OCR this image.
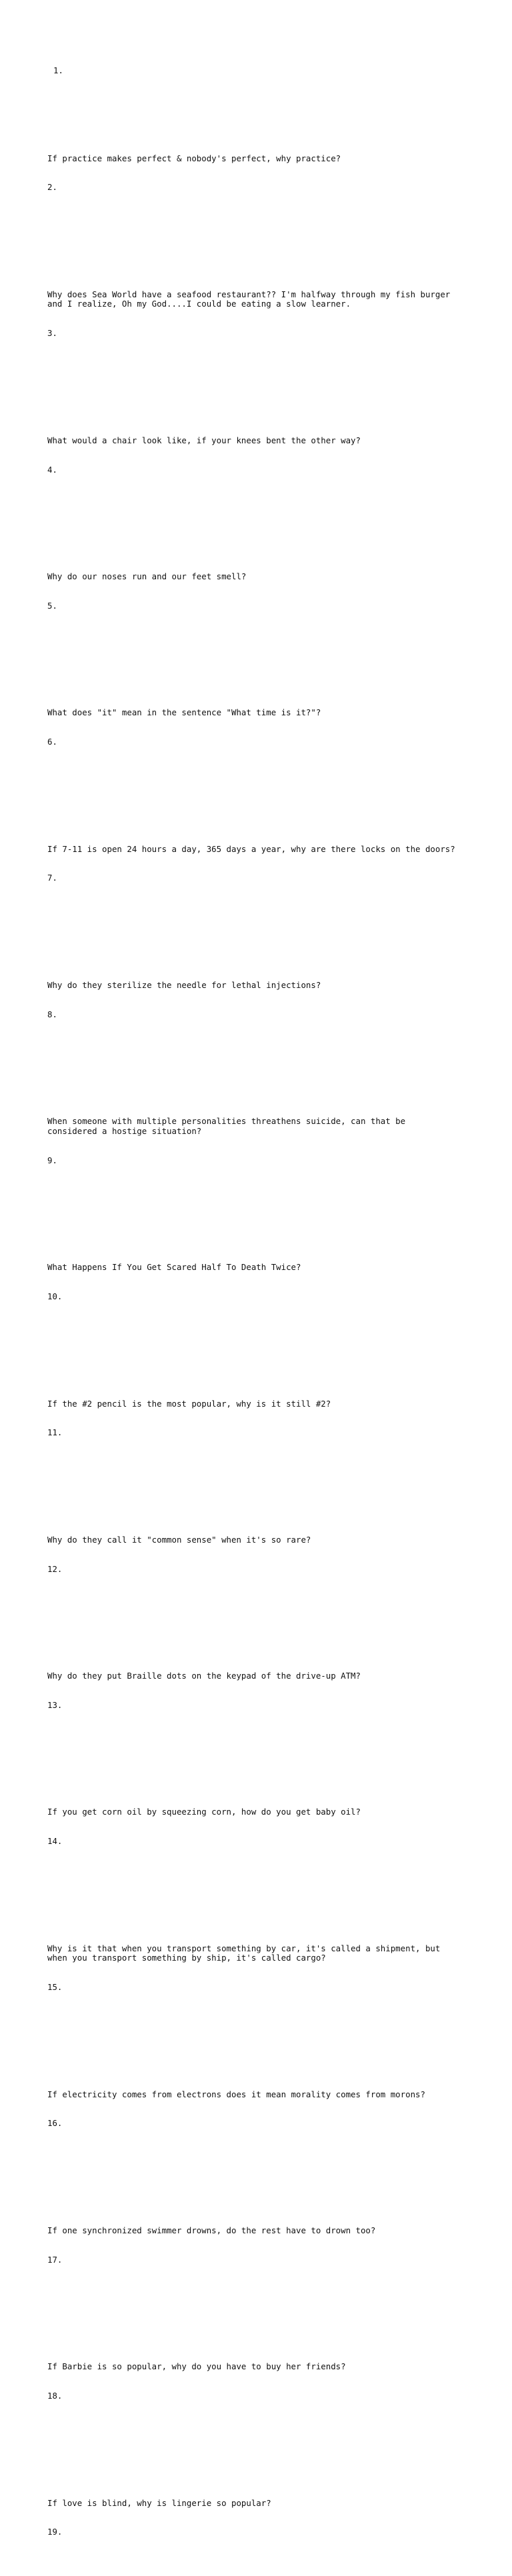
1.

If practice makes perfect & nobody's perfect, why practice?

2.

Why does Sea World have a seafood restaurant?? I'm halfway through my fish burger
and I realize, Oh my God....I could be eating a slow learner.

3.

What would a chair look like, if your knees bent the other way?

4.

Why do our noses run and our feet smell?

5.

What does "it" mean in the sentence "What time is it?"?

6.

If 7-11 is open 24 hours a day, 365 days a year, why are there locks on the doors?

7.

Why do they sterilize the needle for lethal injections?

8.

When someone with multiple personalities threathens suicide, can that be
considered a hostige situation?

9.

What Happens If You Get Scared Half To Death Twice?

10.

If the #2 pencil is the most popular, why is it still #2?

11.

Why do they call it "common sense" when it's so rare?

12.

Why do they put Braille dots on the keypad of the drive-up ATM?

13.

If you get corn oil by squeezing corn, how do you get baby oil?

14.

Why is it that when you transport something by car, it's called a shipment, but
when you transport something by ship, it's called cargo?

15.

If electricity comes from electrons does it mean morality comes from morons?

16.

If one synchronized swimmer drowns, do the rest have to drown too?

17.

If Barbie is so popular, why do you have to buy her friends?

18.

If love is blind, why is lingerie so popular?

19.
